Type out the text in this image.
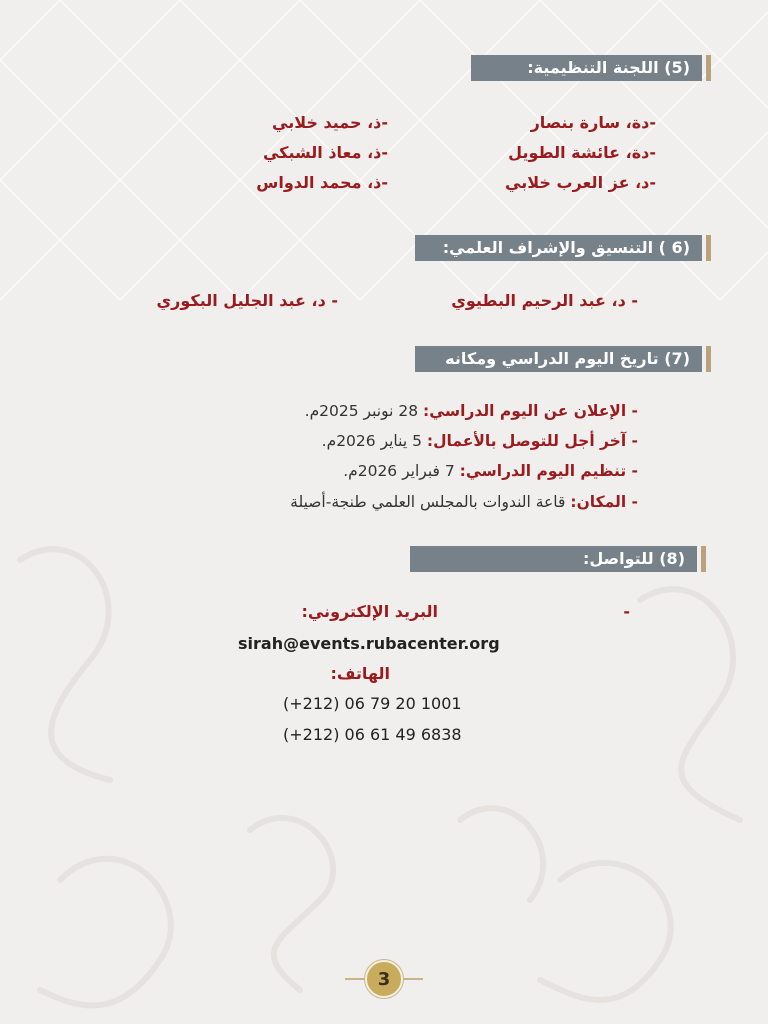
(5) اللجنة التنظيمية:
-دة، سارة بنصار
-دة، عائشة الطويل
-د، عز العرب خلابي
-ذ، حميد خلابي
-ذ، معاذ الشبكي
-ذ، محمد الدواس
(6 ) التنسيق والإشراف العلمي:
- د، عبد الرحيم البطيوي
- د، عبد الجليل البكوري
(7) تاريخ اليوم الدراسي ومكانه
- الإعلان عن اليوم الدراسي: 28 نونبر 2025م.
- آخر أجل للتوصل بالأعمال: 5 يناير 2026م.
- تنظيم اليوم الدراسي: 7 فبراير 2026م.
- المكان: قاعة الندوات بالمجلس العلمي طنجة-أصيلة
(8) للتواصل:
-
البريد الإلكتروني:
sirah@events.rubacenter.org
الهاتف:
(+212) 06 79 20 1001
(+212) 06 61 49 6838
3
